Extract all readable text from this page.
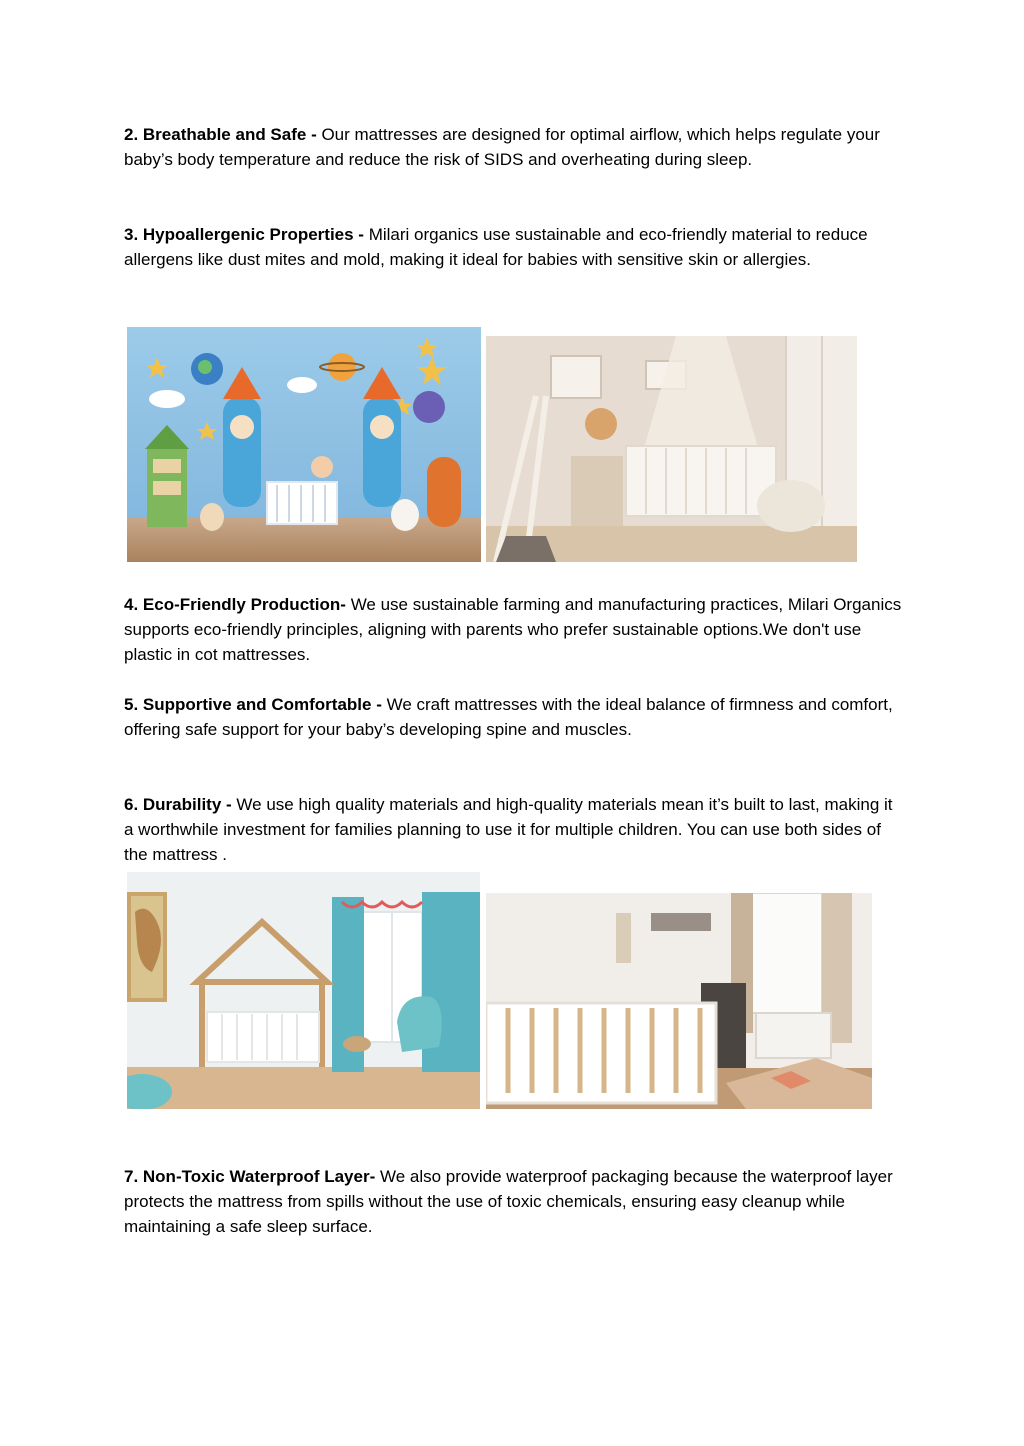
2. Breathable and Safe - Our mattresses are designed for optimal airflow, which helps regulate your baby’s body temperature and reduce the risk of SIDS and overheating during sleep.

3. Hypoallergenic Properties - Milari organics use sustainable and eco-friendly material to reduce allergens like dust mites and mold, making it ideal for babies with sensitive skin or allergies.

4. Eco-Friendly Production- We use sustainable farming and manufacturing practices, Milari Organics supports eco-friendly principles, aligning with parents who prefer sustainable options.We don't use plastic in cot mattresses.

5. Supportive and Comfortable - We craft mattresses with the ideal balance of firmness and comfort, offering safe support for your baby’s developing spine and muscles.

6. Durability - We use high quality materials and high-quality materials mean it’s built to last, making it a worthwhile investment for families planning to use it for multiple children. You can use both sides of the mattress .

7. Non-Toxic Waterproof Layer- We also provide waterproof packaging because the waterproof layer protects the mattress from spills without the use of toxic chemicals, ensuring easy cleanup while maintaining a safe sleep surface.
